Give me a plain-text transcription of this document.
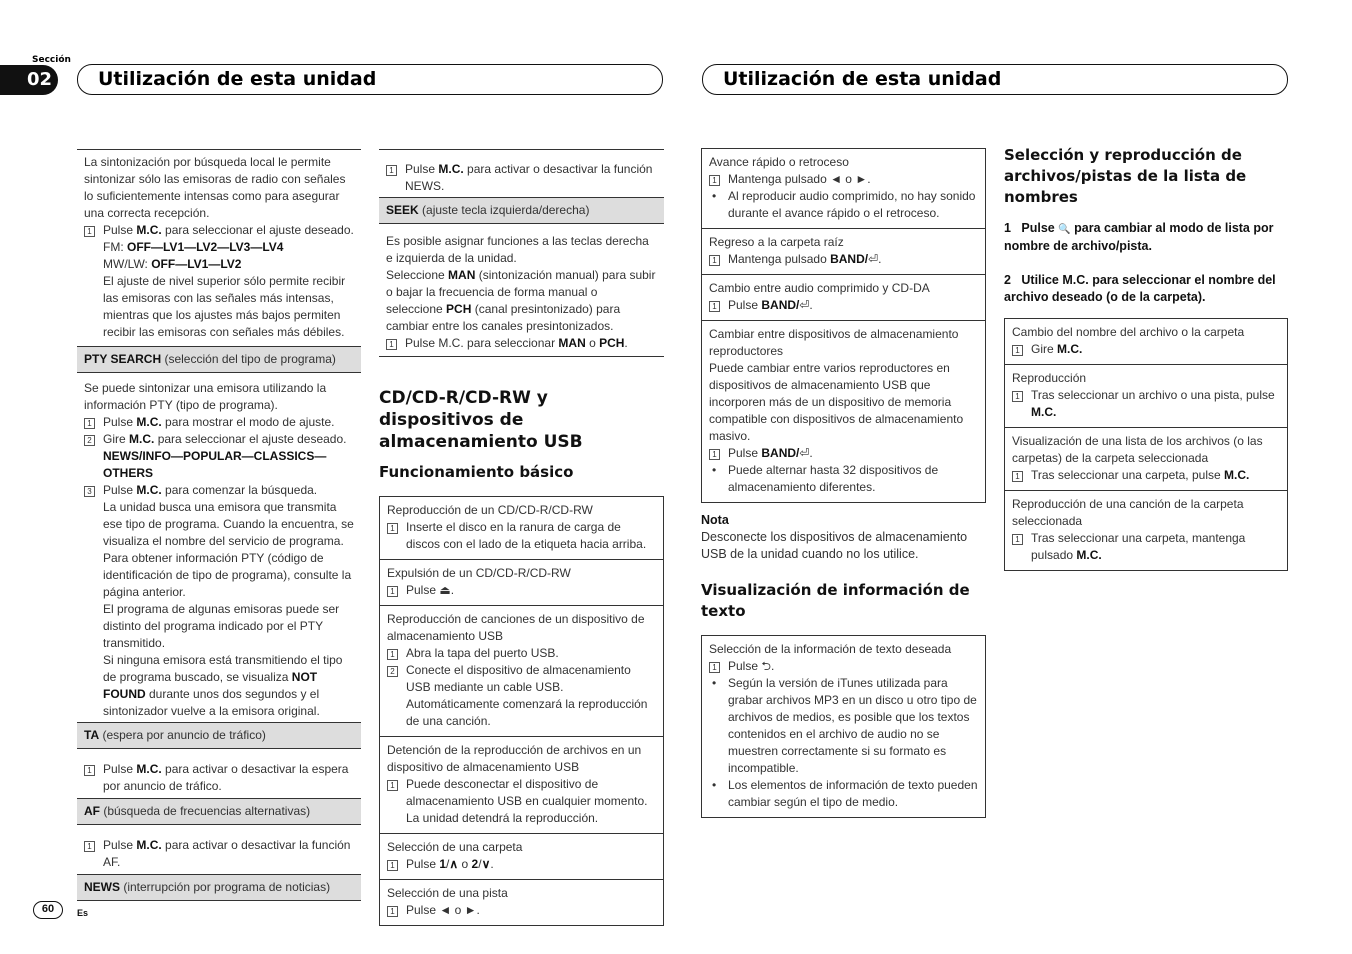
Sección
02	Utilización de esta unidad	Utilización de esta unidad

La sintonización por búsqueda local le permite sintonizar sólo las emisoras de radio con señales lo suficientemente intensas como para asegurar una correcta recepción.

1 Pulse M.C. para seleccionar el ajuste deseado.

FM: OFF—LV1—LV2—LV3—LV4

MW/LW: OFF—LV1—LV2

El ajuste de nivel superior sólo permite recibir las emisoras con las señales más intensas, mientras que los ajustes más bajos permiten recibir las emisoras con señales más débiles.

PTY SEARCH (selección del tipo de programa)

Se puede sintonizar una emisora utilizando la información PTY (tipo de programa).

1 Pulse M.C. para mostrar el modo de ajuste.
2 Gire M.C. para seleccionar el ajuste deseado.

NEWS/INFO—POPULAR—CLASSICS—OTHERS

3 Pulse M.C. para comenzar la búsqueda.

La unidad busca una emisora que transmita ese tipo de programa. Cuando la encuentra, se visualiza el nombre del servicio de programa.

Para obtener información PTY (código de identificación de tipo de programa), consulte la página anterior.

El programa de algunas emisoras puede ser distinto del programa indicado por el PTY transmitido.

Si ninguna emisora está transmitiendo el tipo de programa buscado, se visualiza NOT FOUND durante unos dos segundos y el sintonizador vuelve a la emisora original.

TA (espera por anuncio de tráfico)
1 Pulse M.C. para activar o desactivar la espera por anuncio de tráfico.
AF (búsqueda de frecuencias alternativas)
1 Pulse M.C. para activar o desactivar la función AF.
NEWS (interrupción por programa de noticias)
1 Pulse M.C. para activar o desactivar la función NEWS.
SEEK (ajuste tecla izquierda/derecha)

Es posible asignar funciones a las teclas derecha e izquierda de la unidad.

Seleccione MAN (sintonización manual) para subir o bajar la frecuencia de forma manual o seleccione PCH (canal presintonizado) para cambiar entre los canales presintonizados.

1 Pulse M.C. para seleccionar MAN o PCH.
CD/CD-R/CD-RW y dispositivos de almacenamiento USB
Funcionamiento básico

Reproducción de un CD/CD-R/CD-RW

1 Inserte el disco en la ranura de carga de discos con el lado de la etiqueta hacia arriba.

Expulsión de un CD/CD-R/CD-RW

1 Pulse ⏏.

Reproducción de canciones de un dispositivo de almacenamiento USB

1 Abra la tapa del puerto USB.
2 Conecte el dispositivo de almacenamiento USB mediante un cable USB.

Automáticamente comenzará la reproducción de una canción.

Detención de la reproducción de archivos en un dispositivo de almacenamiento USB

1 Puede desconectar el dispositivo de almacenamiento USB en cualquier momento.

La unidad detendrá la reproducción.

Selección de una carpeta

1 Pulse 1/∧ o 2/∨.

Selección de una pista

1 Pulse ◄ o ►.

Avance rápido o retroceso

1 Mantenga pulsado ◄ o ►.
• Al reproducir audio comprimido, no hay sonido durante el avance rápido o el retroceso.

Regreso a la carpeta raíz

1 Mantenga pulsado BAND/⏎.

Cambio entre audio comprimido y CD-DA

1 Pulse BAND/⏎.

Cambiar entre dispositivos de almacenamiento reproductores

Puede cambiar entre varios reproductores en dispositivos de almacenamiento USB que incorporen más de un dispositivo de memoria compatible con dispositivos de almacenamiento masivo.

1 Pulse BAND/⏎.
• Puede alternar hasta 32 dispositivos de almacenamiento diferentes.

Nota

Desconecte los dispositivos de almacenamiento USB de la unidad cuando no los utilice.

Visualización de información de texto

Selección de la información de texto deseada

1 Pulse ⮌.
• Según la versión de iTunes utilizada para grabar archivos MP3 en un disco u otro tipo de archivos de medios, es posible que los textos contenidos en el archivo de audio no se muestren correctamente si su formato es incompatible.
• Los elementos de información de texto pueden cambiar según el tipo de medio.
Selección y reproducción de archivos/pistas de la lista de nombres
1 Pulse 🔍 para cambiar al modo de lista por nombre de archivo/pista.
2 Utilice M.C. para seleccionar el nombre del archivo deseado (o de la carpeta).

Cambio del nombre del archivo o la carpeta

1 Gire M.C.

Reproducción

1 Tras seleccionar un archivo o una pista, pulse M.C.

Visualización de una lista de los archivos (o las carpetas) de la carpeta seleccionada

1 Tras seleccionar una carpeta, pulse M.C.

Reproducción de una canción de la carpeta seleccionada

1 Tras seleccionar una carpeta, mantenga pulsado M.C.
60	Es
